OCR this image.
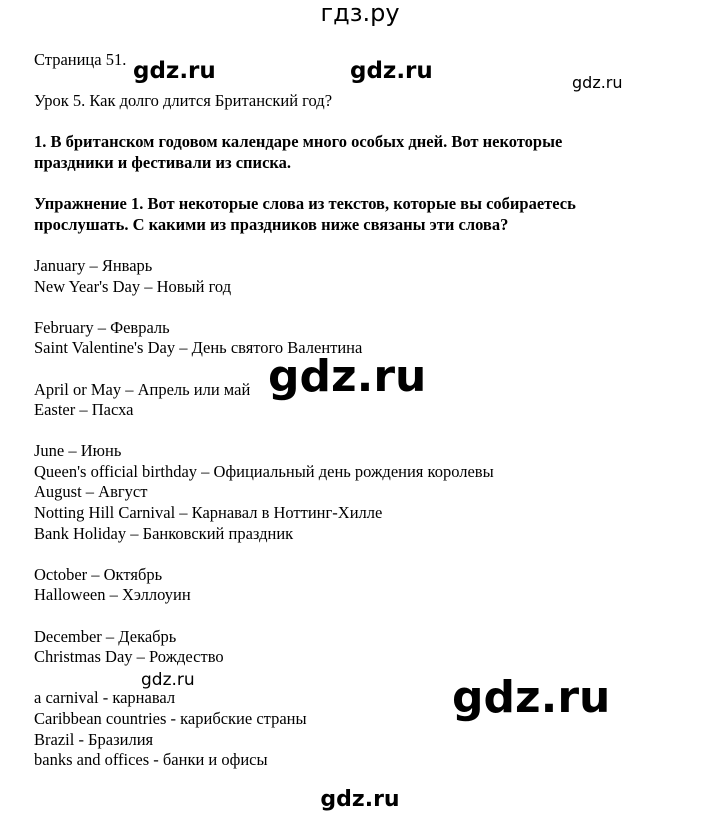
гдз.ру
Страница 51.
Урок 5. Как долго длится Британский год?
1. В британском годовом календаре много особых дней. Вот некоторые
праздники и фестивали из списка.
Упражнение 1. Вот некоторые слова из текстов, которые вы собираетесь
прослушать. С какими из праздников ниже связаны эти слова?
January – Январь
New Year's Day – Новый год
February – Февраль
Saint Valentine's Day – День святого Валентина
April or May – Апрель или май
Easter – Пасха
June – Июнь
Queen's official birthday – Официальный день рождения королевы
August – Август
Notting Hill Carnival – Карнавал в Ноттинг-Хилле
Bank Holiday – Банковский праздник
October – Октябрь
Halloween – Хэллоуин
December – Декабрь
Christmas Day – Рождество
a carnival - карнавал
Caribbean countries - карибские страны
Brazil - Бразилия
banks and offices - банки и офисы
gdz.ru	gdz.ru	gdz.ru
gdz.ru
gdz.ru	gdz.ru
gdz.ru
